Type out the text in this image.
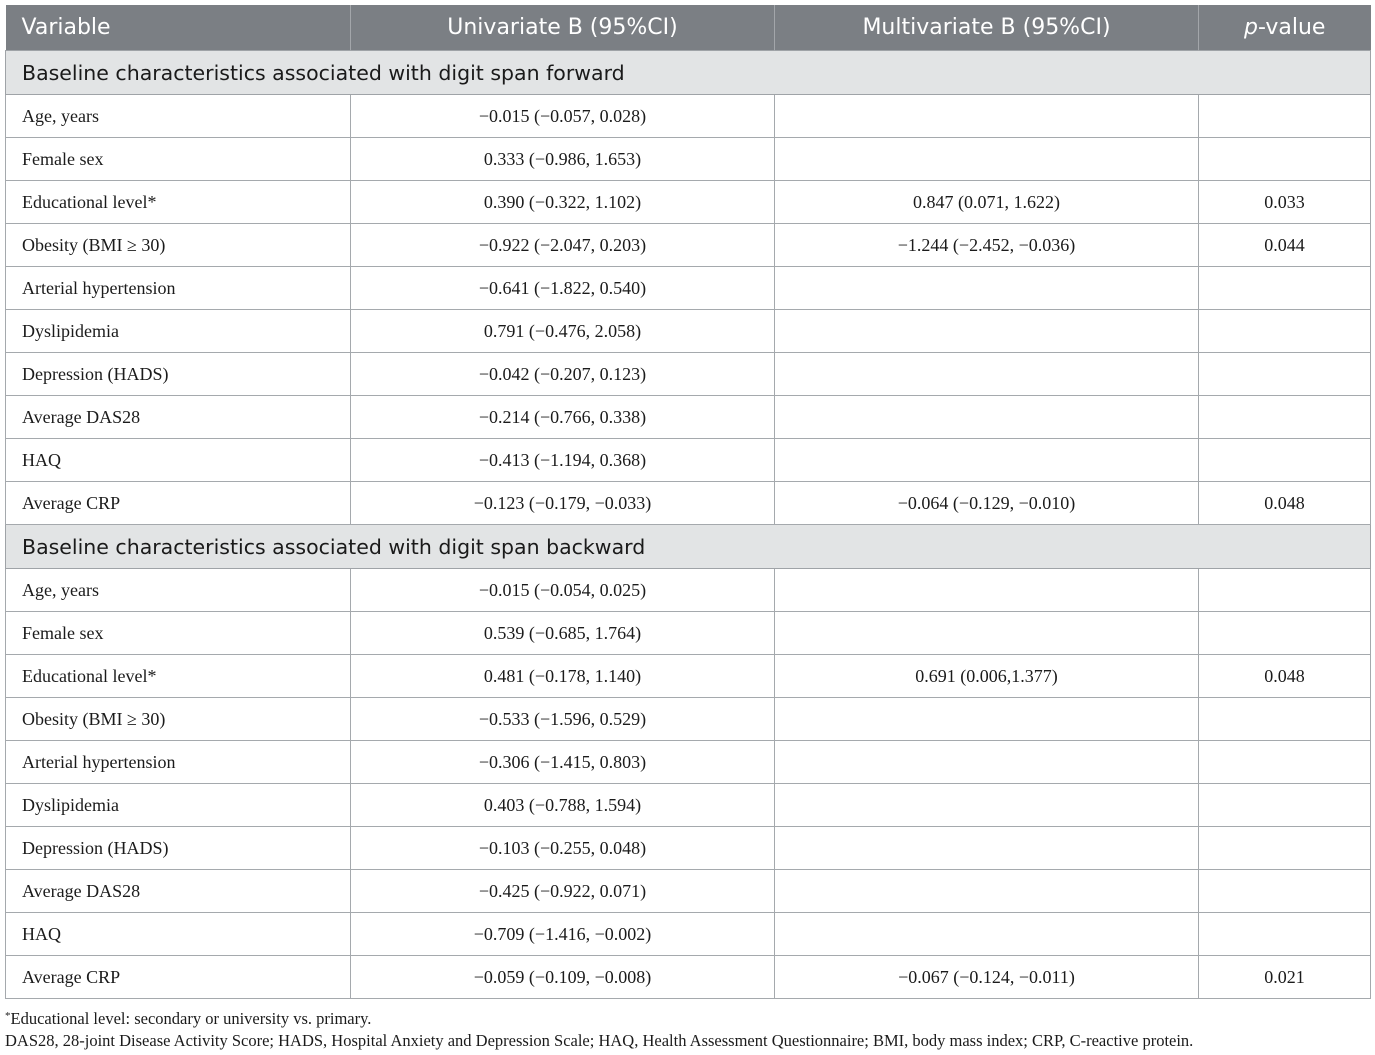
Variable	Univariate B (95%CI)	Multivariate B (95%CI)	p-value
Baseline characteristics associated with digit span forward			
Age, years	−0.015 (−0.057, 0.028)		
Female sex	0.333 (−0.986, 1.653)		
Educational level*	0.390 (−0.322, 1.102)	0.847 (0.071, 1.622)	0.033
Obesity (BMI ≥ 30)	−0.922 (−2.047, 0.203)	−1.244 (−2.452, −0.036)	0.044
Arterial hypertension	−0.641 (−1.822, 0.540)		
Dyslipidemia	0.791 (−0.476, 2.058)		
Depression (HADS)	−0.042 (−0.207, 0.123)		
Average DAS28	−0.214 (−0.766, 0.338)		
HAQ	−0.413 (−1.194, 0.368)		
Average CRP	−0.123 (−0.179, −0.033)	−0.064 (−0.129, −0.010)	0.048
Baseline characteristics associated with digit span backward			
Age, years	−0.015 (−0.054, 0.025)		
Female sex	0.539 (−0.685, 1.764)		
Educational level*	0.481 (−0.178, 1.140)	0.691 (0.006,1.377)	0.048
Obesity (BMI ≥ 30)	−0.533 (−1.596, 0.529)		
Arterial hypertension	−0.306 (−1.415, 0.803)		
Dyslipidemia	0.403 (−0.788, 1.594)		
Depression (HADS)	−0.103 (−0.255, 0.048)		
Average DAS28	−0.425 (−0.922, 0.071)		
HAQ	−0.709 (−1.416, −0.002)		
Average CRP	−0.059 (−0.109, −0.008)	−0.067 (−0.124, −0.011)	0.021

*Educational level: secondary or university vs. primary.

DAS28, 28-joint Disease Activity Score; HADS, Hospital Anxiety and Depression Scale; HAQ, Health Assessment Questionnaire; BMI, body mass index; CRP, C-reactive protein.
